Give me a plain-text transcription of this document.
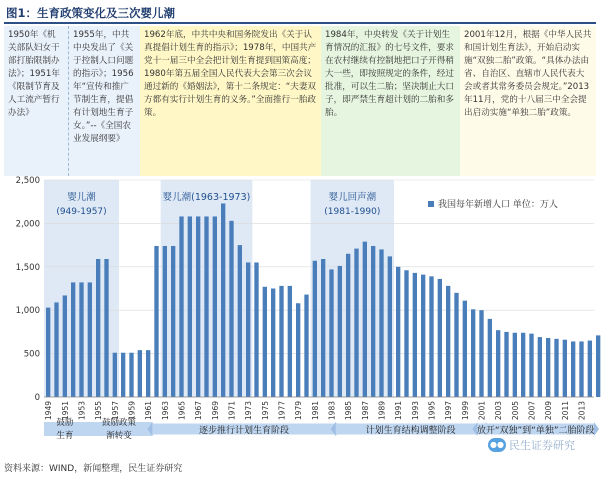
图1：生育政策变化及三次婴儿潮
1950年《机关部队妇女干部打胎限制办法》；1951年《限制节育及人工流产暂行办法》
1955年，中共中央发出了《关于控制人口问题的指示》；1956年“宣传和推广节制生育，提倡有计划地生育子女。”--《全国农业发展纲要》
1962年底，中共中央和国务院发出《关于认真提倡计划生育的指示》；1978年，中国共产党十一届三中全会把计划生育提到国策高度；1980年第五届全国人民代表大会第三次会议通过新的《婚姻法》，第十二条规定：“夫妻双方都有实行计划生育的义务。”全面推行一胎政策。
1984年，中央转发《关于计划生育情况的汇报》的七号文件，要求在农村继续有控制地把口子开得稍大一些，即按照规定的条件，经过批准，可以生二胎；坚决制止大口子，即严禁生育超计划的二胎和多胎。
2001年12月，根据《中华人民共和国计划生育法》，开始启动实施“双独二胎”政策。“具体办法由省、自治区、直辖市人民代表大会或者其常务委员会规定。”2013年11月，党的十八届三中全会提出启动实施“单独二胎”政策。
0
500
1,000
1,500
2,000
2,500
1949 1951 1953 1955 1957 1959 1961 1963 1965 1967 1969 1971 1973 1975 1977 1979 1981 1983 1985 1987 1989 1991 1993 1995 1997 1999 2001 2003 2005 2007 2009 2011 2013
我国每年新增人口 单位：万人
婴儿潮
(949-1957)
婴儿潮(1963-1973)	婴儿回声潮
(1981-1990)
鼓励
生育
鼓励政策
渐转变	逐步推行计划生育阶段	计划生育结构调整阶段 放开“双独”到“单独”二胎阶段
资料来源：WIND，新闻整理，民生证券研究
●● 民生证券研究
